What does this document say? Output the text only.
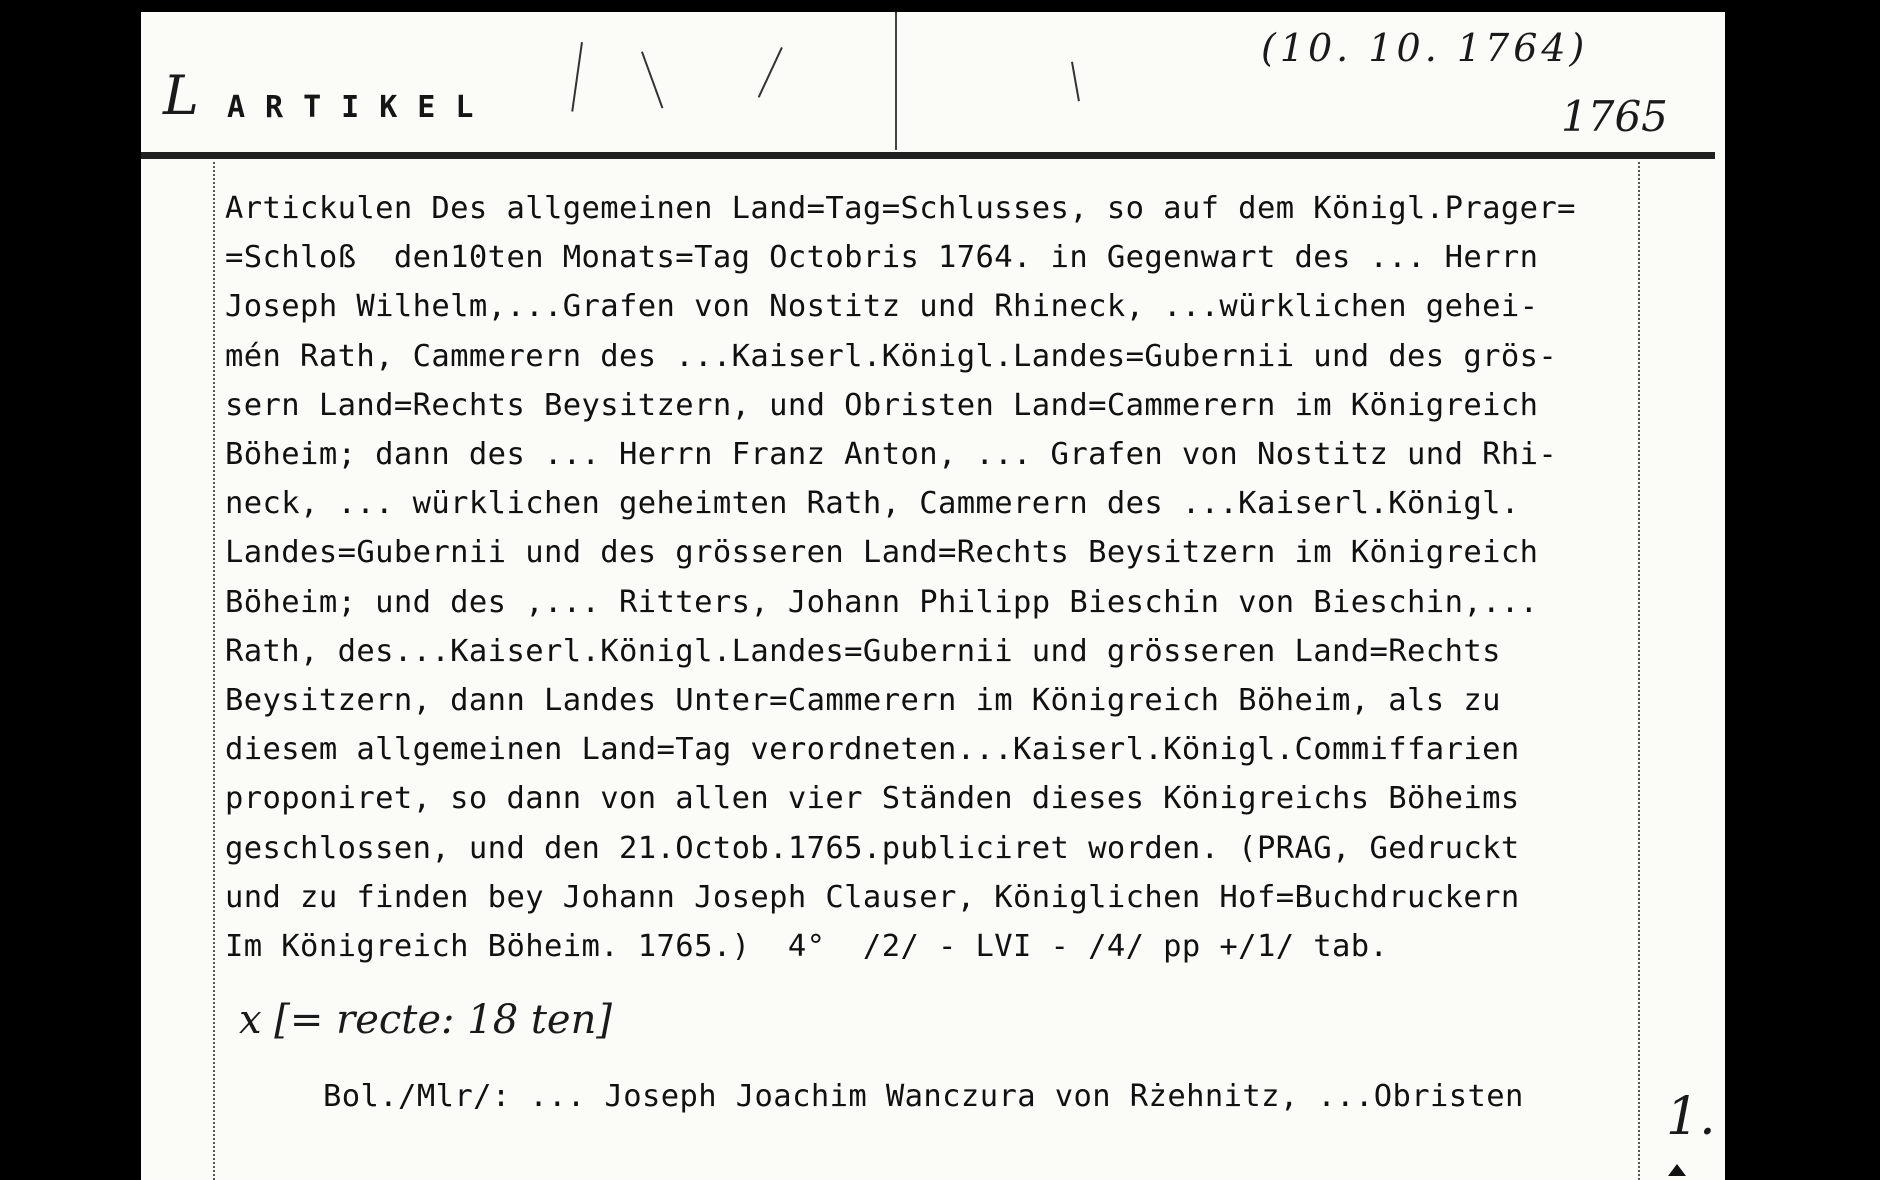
L ARTIKEL
(10. 10. 1764)
1765
Artickulen Des allgemeinen Land=Tag=Schlusses, so auf dem Königl.Prager=
=Schloß  den10ten Monats=Tag Octobris 1764. in Gegenwart des ... Herrn
Joseph Wilhelm,...Grafen von Nostitz und Rhineck, ...würklichen gehei-
mén Rath, Cammerern des ...Kaiserl.Königl.Landes=Gubernii und des grös-
sern Land=Rechts Beysitzern, und Obristen Land=Cammerern im Königreich
Böheim; dann des ... Herrn Franz Anton, ... Grafen von Nostitz und Rhi-
neck, ... würklichen geheimten Rath, Cammerern des ...Kaiserl.Königl.
Landes=Gubernii und des grösseren Land=Rechts Beysitzern im Königreich
Böheim; und des ,... Ritters, Johann Philipp Bieschin von Bieschin,...
Rath, des...Kaiserl.Königl.Landes=Gubernii und grösseren Land=Rechts
Beysitzern, dann Landes Unter=Cammerern im Königreich Böheim, als zu
diesem allgemeinen Land=Tag verordneten...Kaiserl.Königl.Commiffarien
proponiret, so dann von allen vier Ständen dieses Königreichs Böheims
geschlossen, und den 21.Octob.1765.publiciret worden. (PRAG, Gedruckt
und zu finden bey Johann Joseph Clauser, Königlichen Hof=Buchdruckern
Im Königreich Böheim. 1765.)  4°  /2/ - LVI - /4/ pp +/1/ tab.
x [= recte: 18 ten]
Bol./Mlr/: ... Joseph Joachim Wanczura von Rżehnitz, ...Obristen	1.
